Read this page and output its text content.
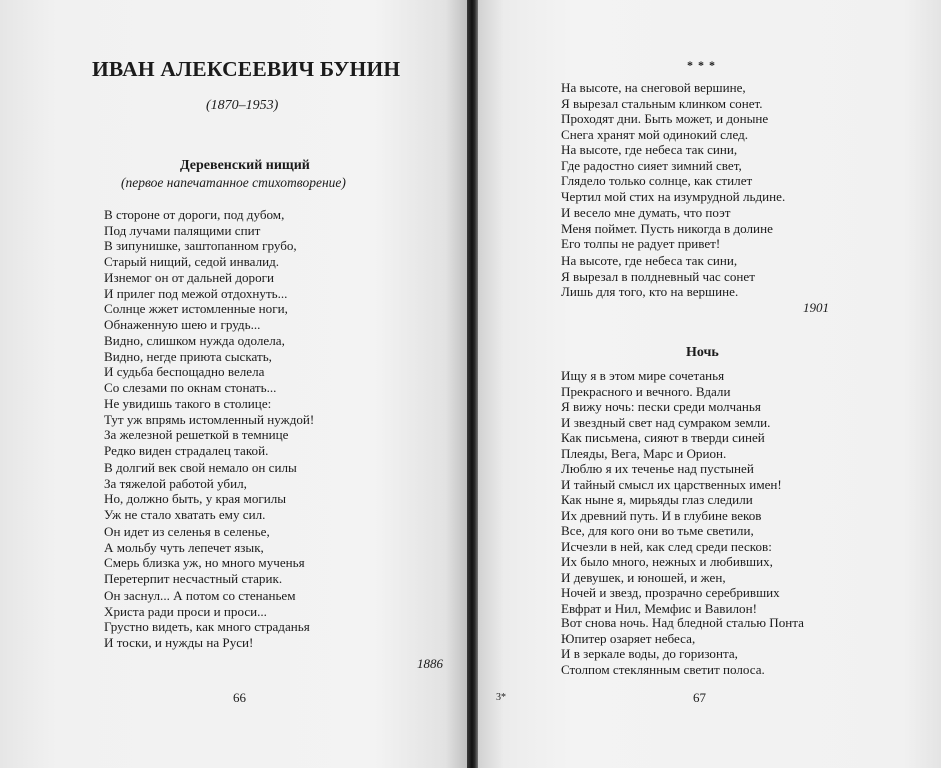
ИВАН АЛЕКСЕЕВИЧ БУНИН
(1870–1953)
Деревенский нищий
(первое напечатанное стихотворение)
В стороне от дороги, под дубом,
Под лучами палящими спит
В зипунишке, заштопанном грубо,
Старый нищий, седой инвалид.
Изнемог он от дальней дороги
И прилег под межой отдохнуть...
Солнце жжет истомленные ноги,
Обнаженную шею и грудь...
Видно, слишком нужда одолела,
Видно, негде приюта сыскать,
И судьба беспощадно велела
Со слезами по окнам стонать...
Не увидишь такого в столице:
Тут уж впрямь истомленный нуждой!
За железной решеткой в темнице
Редко виден страдалец такой.
В долгий век свой немало он силы
За тяжелой работой убил,
Но, должно быть, у края могилы
Уж не стало хватать ему сил.
Он идет из селенья в селенье,
А мольбу чуть лепечет язык,
Смерь близка уж, но много мученья
Перетерпит несчастный старик.
Он заснул... А потом со стенаньем
Христа ради проси и проси...
Грустно видеть, как много страданья
И тоски, и нужды на Руси!
1886
66
* * *
На высоте, на снеговой вершине,
Я вырезал стальным клинком сонет.
Проходят дни. Быть может, и доныне
Снега хранят мой одинокий след.
На высоте, где небеса так сини,
Где радостно сияет зимний свет,
Глядело только солнце, как стилет
Чертил мой стих на изумрудной льдине.
И весело мне думать, что поэт
Меня поймет. Пусть никогда в долине
Его толпы не радует привет!
На высоте, где небеса так сини,
Я вырезал в полдневный час сонет
Лишь для того, кто на вершине.
1901
Ночь
Ищу я в этом мире сочетанья
Прекрасного и вечного. Вдали
Я вижу ночь: пески среди молчанья
И звездный свет над сумраком земли.
Как письмена, сияют в тверди синей
Плеяды, Вега, Марс и Орион.
Люблю я их теченье над пустыней
И тайный смысл их царственных имен!
Как ныне я, мирьяды глаз следили
Их древний путь. И в глубине веков
Все, для кого они во тьме светили,
Исчезли в ней, как след среди песков:
Их было много, нежных и любивших,
И девушек, и юношей, и жен,
Ночей и звезд, прозрачно серебривших
Евфрат и Нил, Мемфис и Вавилон!
Вот снова ночь. Над бледной сталью Понта
Юпитер озаряет небеса,
И в зеркале воды, до горизонта,
Столпом стеклянным светит полоса.
3*	67
